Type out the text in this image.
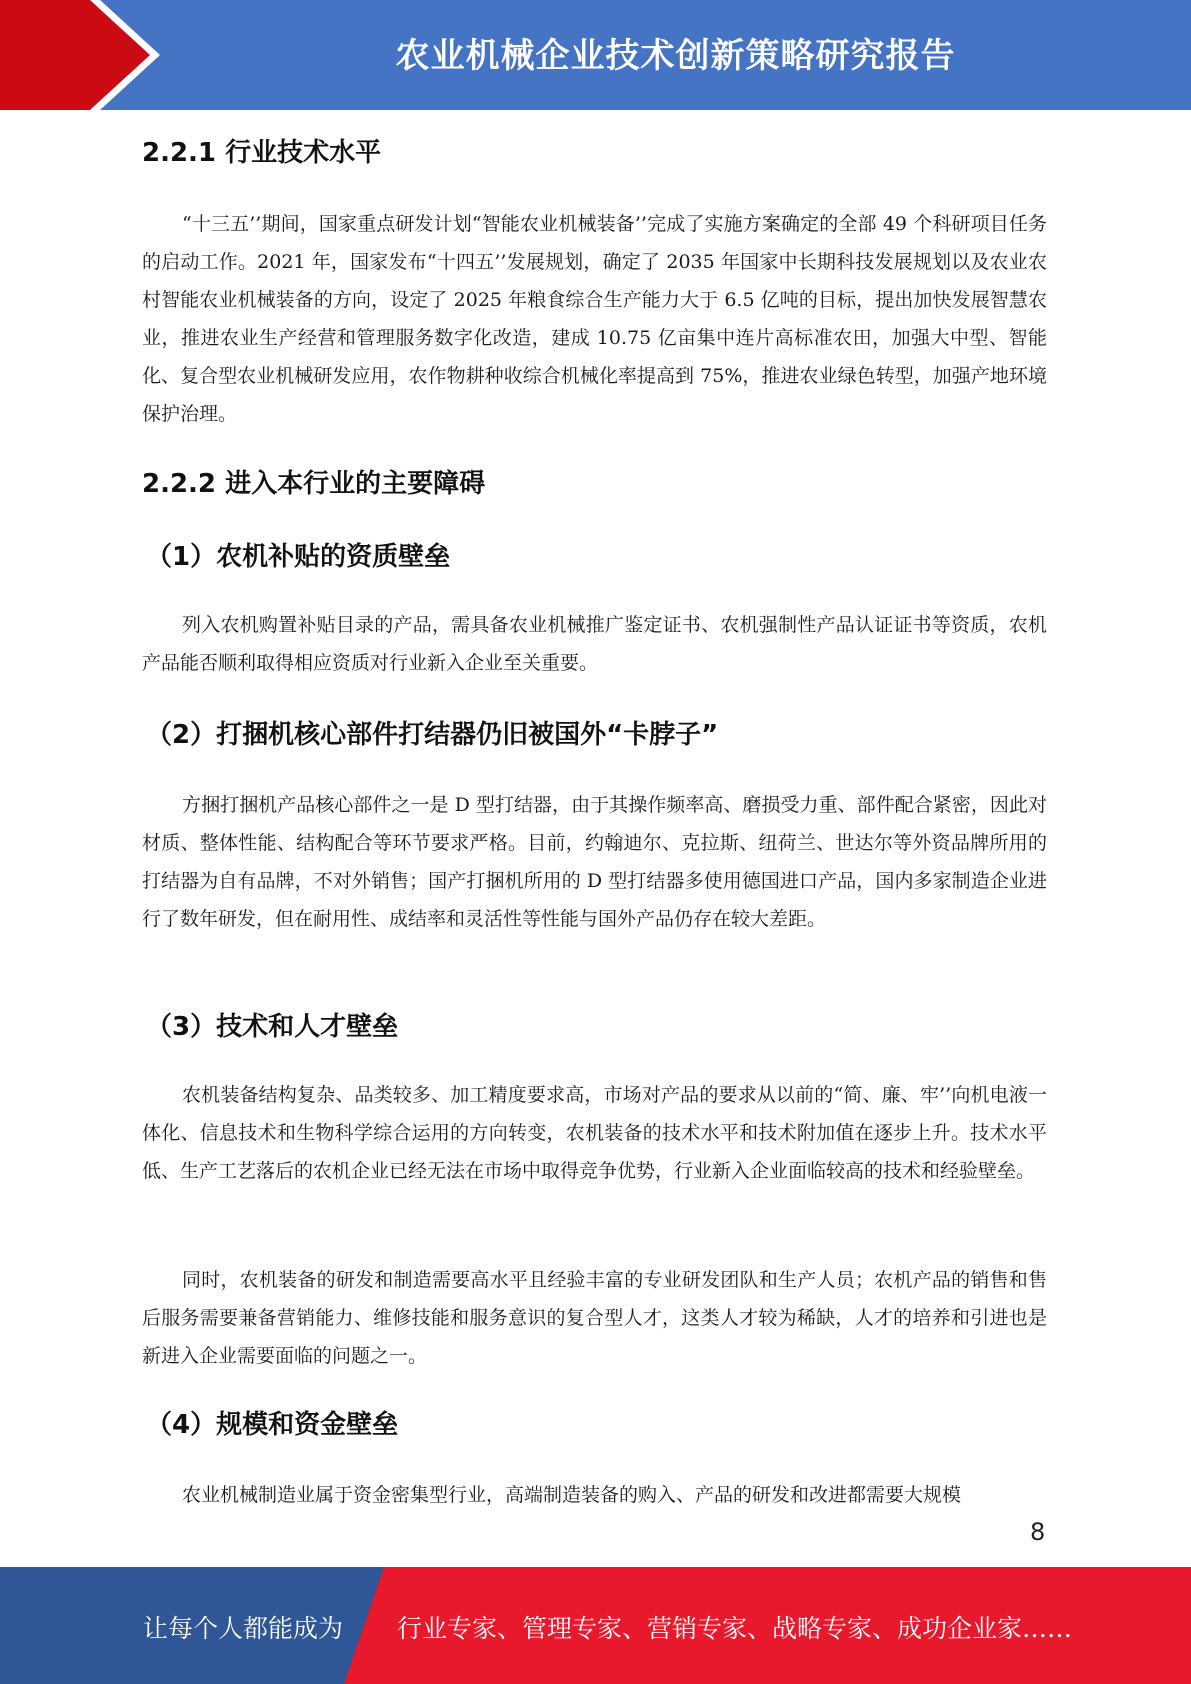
农业机械企业技术创新策略研究报告
2.2.1 行业技术水平

“十三五’’期间，国家重点研发计划“智能农业机械装备’’完成了实施方案确定的全部 49 个科研项目任务的启动工作。2021 年，国家发布“十四五’’发展规划，确定了 2035 年国家中长期科技发展规划以及农业农村智能农业机械装备的方向，设定了 2025 年粮食综合生产能力大于 6.5 亿吨的目标，提出加快发展智慧农业，推进农业生产经营和管理服务数字化改造，建成 10.75 亿亩集中连片高标准农田，加强大中型、智能化、复合型农业机械研发应用，农作物耕种收综合机械化率提高到 75%，推进农业绿色转型，加强产地环境保护治理。

2.2.2 进入本行业的主要障碍
（1）农机补贴的资质壁垒

列入农机购置补贴目录的产品，需具备农业机械推广鉴定证书、农机强制性产品认证证书等资质，农机产品能否顺利取得相应资质对行业新入企业至关重要。

（2）打捆机核心部件打结器仍旧被国外“卡脖子”

方捆打捆机产品核心部件之一是 D 型打结器，由于其操作频率高、磨损受力重、部件配合紧密，因此对材质、整体性能、结构配合等环节要求严格。目前，约翰迪尔、克拉斯、纽荷兰、世达尔等外资品牌所用的打结器为自有品牌，不对外销售；国产打捆机所用的 D 型打结器多使用德国进口产品，国内多家制造企业进行了数年研发，但在耐用性、成结率和灵活性等性能与国外产品仍存在较大差距。

（3）技术和人才壁垒

农机装备结构复杂、品类较多、加工精度要求高，市场对产品的要求从以前的“简、廉、牢’’向机电液一体化、信息技术和生物科学综合运用的方向转变，农机装备的技术水平和技术附加值在逐步上升。技术水平低、生产工艺落后的农机企业已经无法在市场中取得竞争优势，行业新入企业面临较高的技术和经验壁垒。

同时，农机装备的研发和制造需要高水平且经验丰富的专业研发团队和生产人员；农机产品的销售和售后服务需要兼备营销能力、维修技能和服务意识的复合型人才，这类人才较为稀缺，人才的培养和引进也是新进入企业需要面临的问题之一。

（4）规模和资金壁垒

农业机械制造业属于资金密集型行业，高端制造装备的购入、产品的研发和改进都需要大规模

8
让每个人都能成为 行业专家、管理专家、营销专家、战略专家、成功企业家……
